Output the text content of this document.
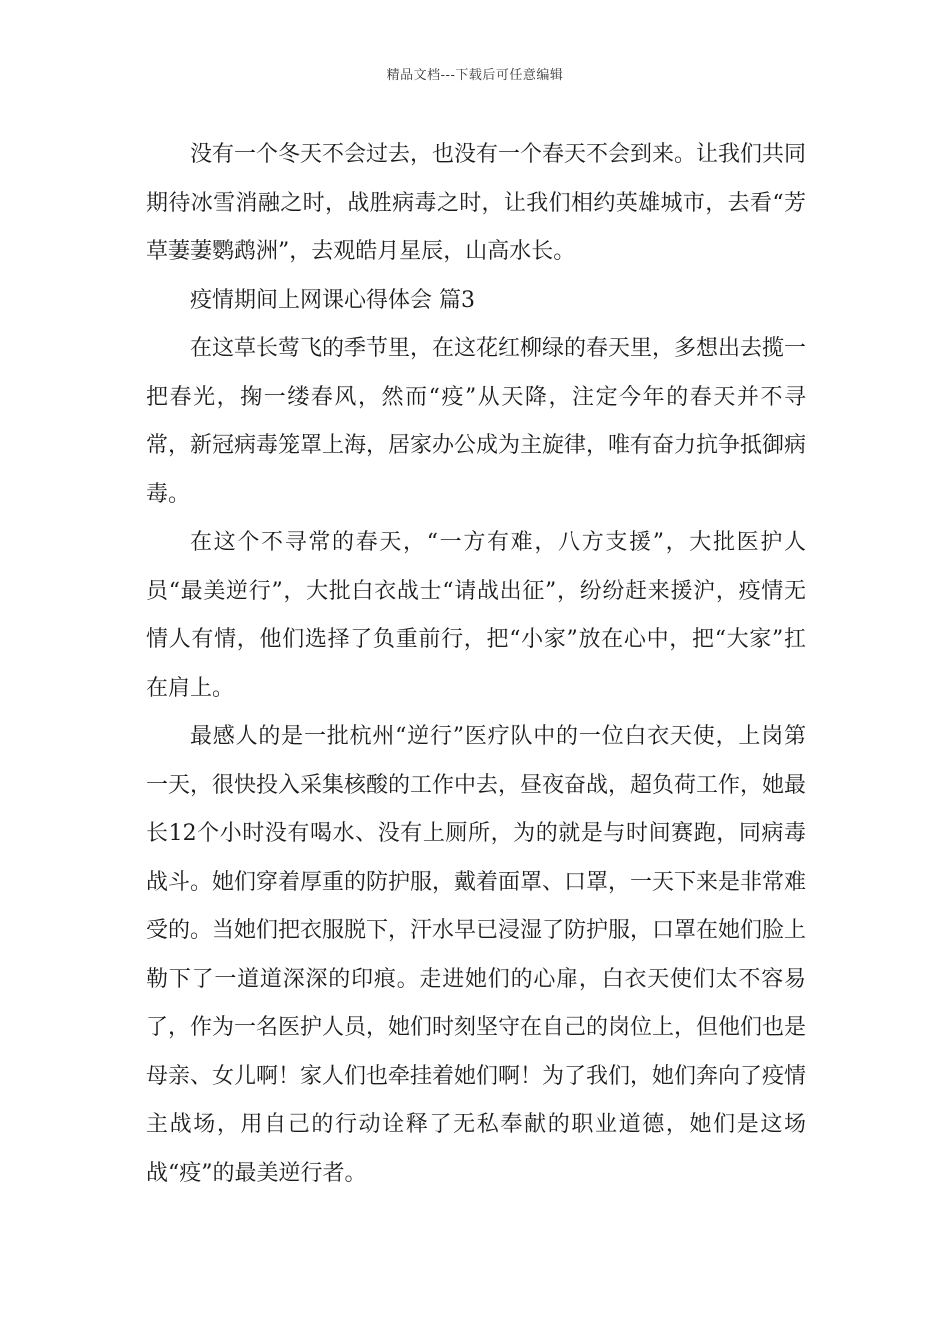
精品文档---下载后可任意编辑

没有一个冬天不会过去，也没有一个春天不会到来。让我们共同期待冰雪消融之时，战胜病毒之时，让我们相约英雄城市，去看“芳草萋萋鹦鹉洲”，去观皓月星辰，山高水长。

疫情期间上网课心得体会 篇3

在这草长莺飞的季节里，在这花红柳绿的春天里，多想出去揽一把春光，掬一缕春风，然而“疫”从天降，注定今年的春天并不寻常，新冠病毒笼罩上海，居家办公成为主旋律，唯有奋力抗争抵御病毒。

在这个不寻常的春天，“一方有难，八方支援”，大批医护人员“最美逆行”，大批白衣战士“请战出征”，纷纷赶来援沪，疫情无情人有情，他们选择了负重前行，把“小家”放在心中，把“大家”扛在肩上。

最感人的是一批杭州“逆行”医疗队中的一位白衣天使，上岗第一天，很快投入采集核酸的工作中去，昼夜奋战，超负荷工作，她最长12个小时没有喝水、没有上厕所，为的就是与时间赛跑，同病毒战斗。她们穿着厚重的防护服，戴着面罩、口罩，一天下来是非常难受的。当她们把衣服脱下，汗水早已浸湿了防护服，口罩在她们脸上勒下了一道道深深的印痕。走进她们的心扉，白衣天使们太不容易了，作为一名医护人员，她们时刻坚守在自己的岗位上，但他们也是母亲、女儿啊！家人们也牵挂着她们啊！为了我们，她们奔向了疫情主战场，用自己的行动诠释了无私奉献的职业道德，她们是这场战“疫”的最美逆行者。
